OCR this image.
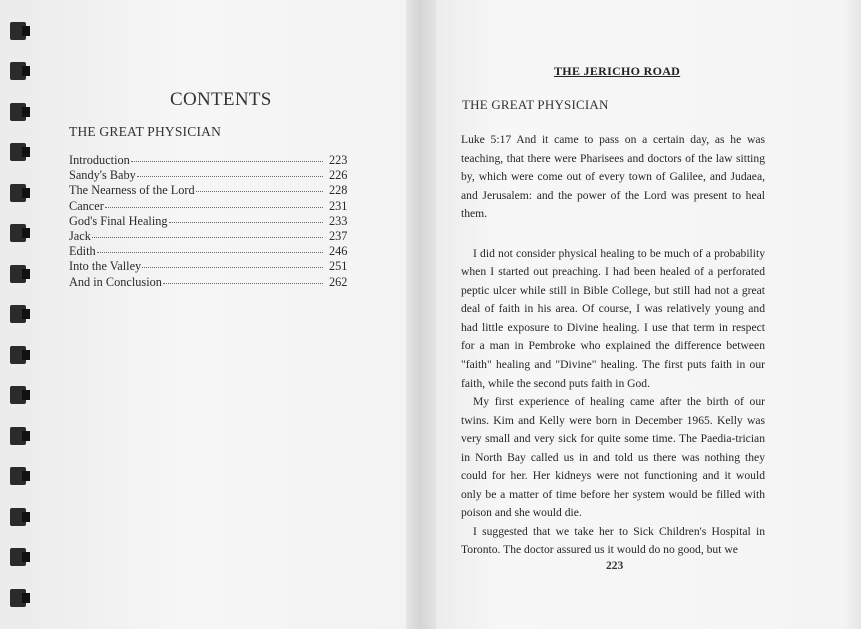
CONTENTS
THE GREAT PHYSICIAN
Introduction	223
Sandy's Baby	226
The Nearness of the Lord	228
Cancer	231
God's Final Healing	233
Jack	237
Edith	246
Into the Valley	251
And in Conclusion	262
THE JERICHO ROAD
THE GREAT PHYSICIAN

Luke 5:17 And it came to pass on a certain day, as he was teaching, that there were Pharisees and doctors of the law sitting by, which were come out of every town of Galilee, and Judaea, and Jerusalem: and the power of the Lord was present to heal them.

I did not consider physical healing to be much of a probability when I started out preaching. I had been healed of a perforated peptic ulcer while still in Bible College, but still had not a great deal of faith in his area. Of course, I was relatively young and had little exposure to Divine healing. I use that term in respect for a man in Pembroke who explained the difference between "faith" healing and "Divine" healing. The first puts faith in our faith, while the second puts faith in God.

My first experience of healing came after the birth of our twins. Kim and Kelly were born in December 1965. Kelly was very small and very sick for quite some time. The Paedia-trician in North Bay called us in and told us there was nothing they could for her. Her kidneys were not functioning and it would only be a matter of time before her system would be filled with poison and she would die.

I suggested that we take her to Sick Children's Hospital in Toronto. The doctor assured us it would do no good, but we

223
